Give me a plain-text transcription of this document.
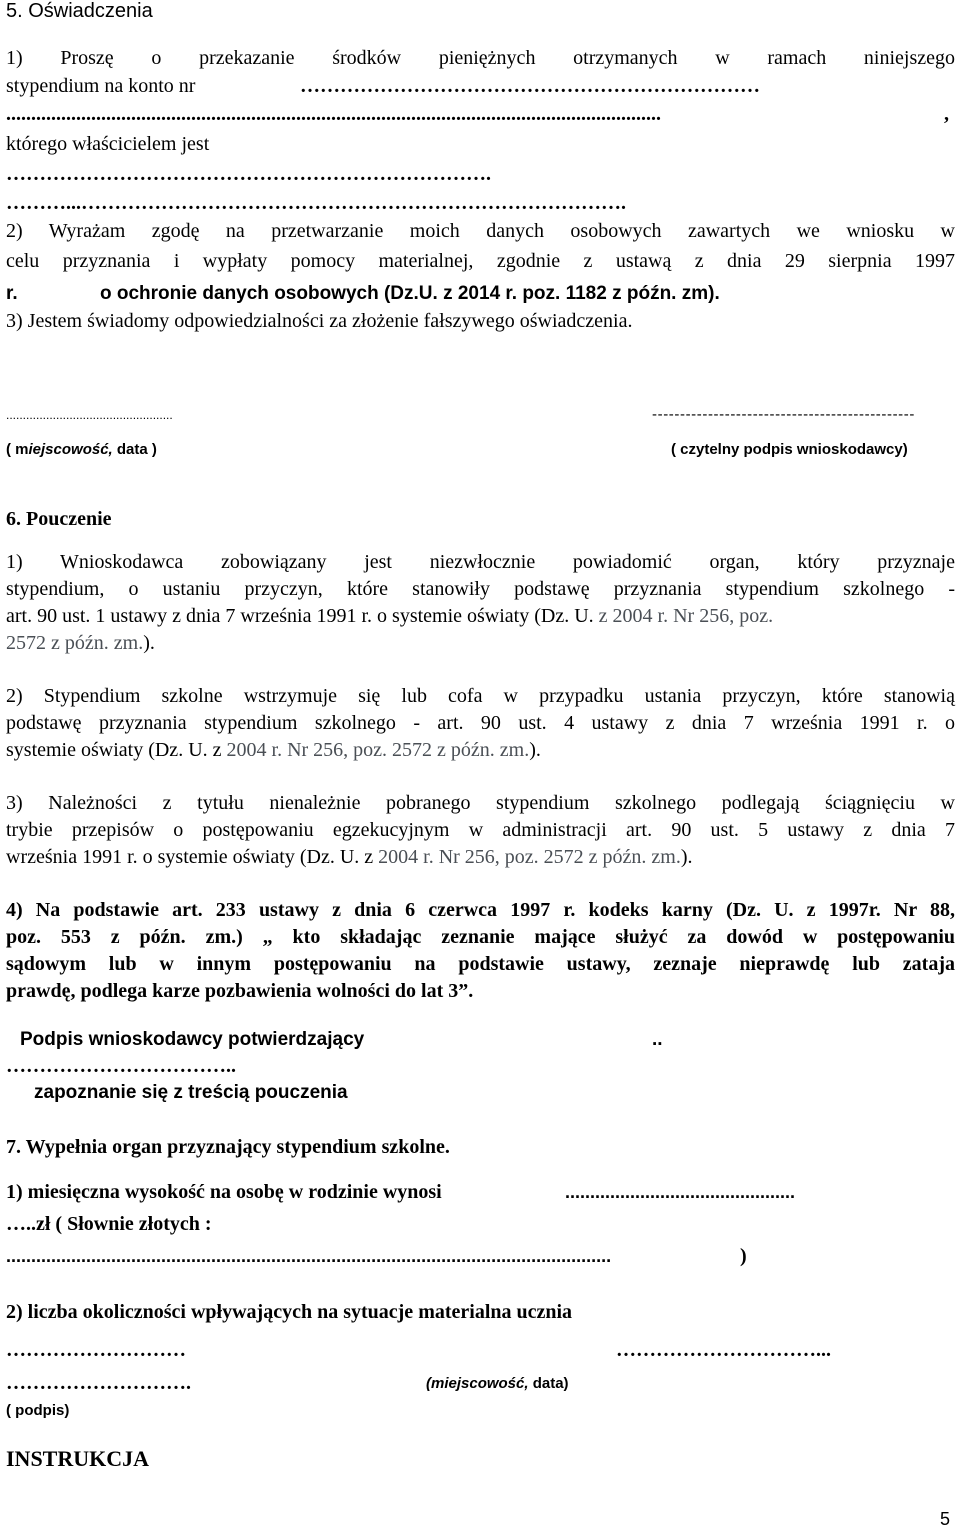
5. Oświadczenia
1) Proszę o przekazanie środków pieniężnych otrzymanych w ramach niniejszego
stypendium na konto nr	……………………………………………………………
...................................................................................................................................	,
którego właścicielem jest
……………………………………………………………….
………...……………………………………………………………………….
2) Wyrażam zgodę na przetwarzanie moich danych osobowych zawartych we wniosku w
celu przyznania i wypłaty pomocy materialnej, zgodnie z ustawą z dnia 29 sierpnia 1997
r.	o ochronie danych osobowych (Dz.U. z 2014 r. poz. 1182 z późn. zm).
3) Jestem świadomy odpowiedzialności za złożenie fałszywego oświadczenia.
..................................................	-----------------------------------------------
( miejscowość, data )	( czytelny podpis wnioskodawcy)
6. Pouczenie
1) Wnioskodawca zobowiązany jest niezwłocznie powiadomić organ, który przyznaje
stypendium, o ustaniu przyczyn, które stanowiły podstawę przyznania stypendium szkolnego -
art. 90 ust. 1 ustawy z dnia 7 września 1991 r. o systemie oświaty (Dz. U. z 2004 r. Nr 256, poz.
2572 z późn. zm.).
2) Stypendium szkolne wstrzymuje się lub cofa w przypadku ustania przyczyn, które stanowią
podstawę przyznania stypendium szkolnego - art. 90 ust. 4 ustawy z dnia 7 września 1991 r. o
systemie oświaty (Dz. U. z 2004 r. Nr 256, poz. 2572 z późn. zm.).
3) Należności z tytułu nienależnie pobranego stypendium szkolnego podlegają ściągnięciu w
trybie przepisów o postępowaniu egzekucyjnym w administracji art. 90 ust. 5 ustawy z dnia 7
września 1991 r. o systemie oświaty (Dz. U. z 2004 r. Nr 256, poz. 2572 z późn. zm.).
4) Na podstawie art. 233 ustawy z dnia 6 czerwca 1997 r. kodeks karny (Dz. U. z 1997r. Nr 88,
poz. 553 z późn. zm.) „ kto składając zeznanie mające służyć za dowód w postępowaniu
sądowym lub w innym postępowaniu na podstawie ustawy, zeznaje nieprawdę lub zataja
prawdę, podlega karze pozbawienia wolności do lat 3”.
Podpis wnioskodawcy potwierdzający	..
……………………………..
zapoznanie się z treścią pouczenia
7. Wypełnia organ przyznający stypendium szkolne.
1) miesięczna wysokość na osobę w rodzinie wynosi	..............................................
…..zł ( Słownie złotych :
.........................................................................................................................	)
2) liczba okoliczności wpływających na sytuacje materialna ucznia
………………………	…………………………...
……………………….	(miejscowość, data)
( podpis)
INSTRUKCJA
5
